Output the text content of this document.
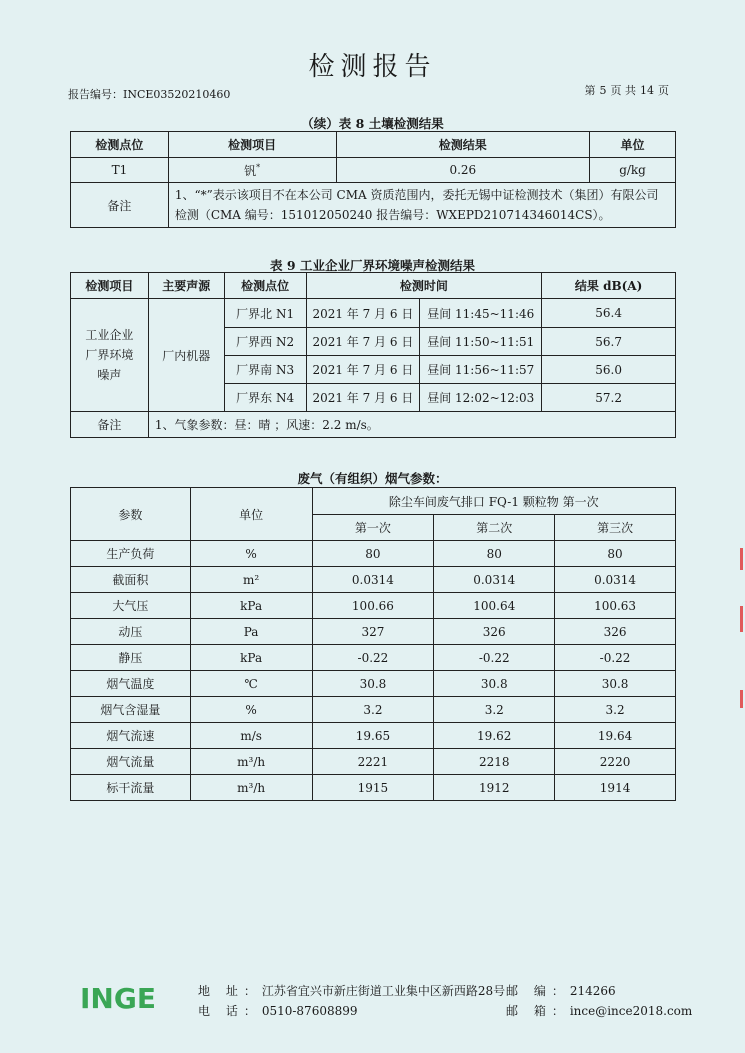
检测报告
报告编号：INCE03520210460	第 5 页 共 14 页
（续）表 8 土壤检测结果
检测点位	检测项目	检测结果	单位
T1	钒*	0.26	g/kg
备注	1、“*”表示该项目不在本公司 CMA 资质范围内，委托无锡中证检测技术（集团）有限公司检测（CMA 编号：151012050240 报告编号：WXEPD210714346014CS）。		
表 9 工业企业厂界环境噪声检测结果
检测项目	主要声源	检测点位	检测时间		结果 dB(A)
工业企业厂界环境噪声	厂内机器	厂界北 N1	2021 年 7 月 6 日	昼间 11:45~11:46	56.4
		厂界西 N2	2021 年 7 月 6 日	昼间 11:50~11:51	56.7
		厂界南 N3	2021 年 7 月 6 日	昼间 11:56~11:57	56.0
		厂界东 N4	2021 年 7 月 6 日	昼间 12:02~12:03	57.2
备注	1、气象参数：昼：晴 ；风速：2.2 m/s。				
废气（有组织）烟气参数：
参数	单位	除尘车间废气排口 FQ-1 颗粒物 第一次		
		第一次	第二次	第三次
生产负荷	%	80	80	80
截面积	m²	0.0314	0.0314	0.0314
大气压	kPa	100.66	100.64	100.63
动压	Pa	327	326	326
静压	kPa	-0.22	-0.22	-0.22
烟气温度	℃	30.8	30.8	30.8
烟气含湿量	%	3.2	3.2	3.2
烟气流速	m/s	19.65	19.62	19.64
烟气流量	m³/h	2221	2218	2220
标干流量	m³/h	1915	1912	1914
INGE	地 址：江苏省宜兴市新庄街道工业集中区新西路28号
电 话：0510-87608899
邮 编：214266
邮 箱：ince@ince2018.com
